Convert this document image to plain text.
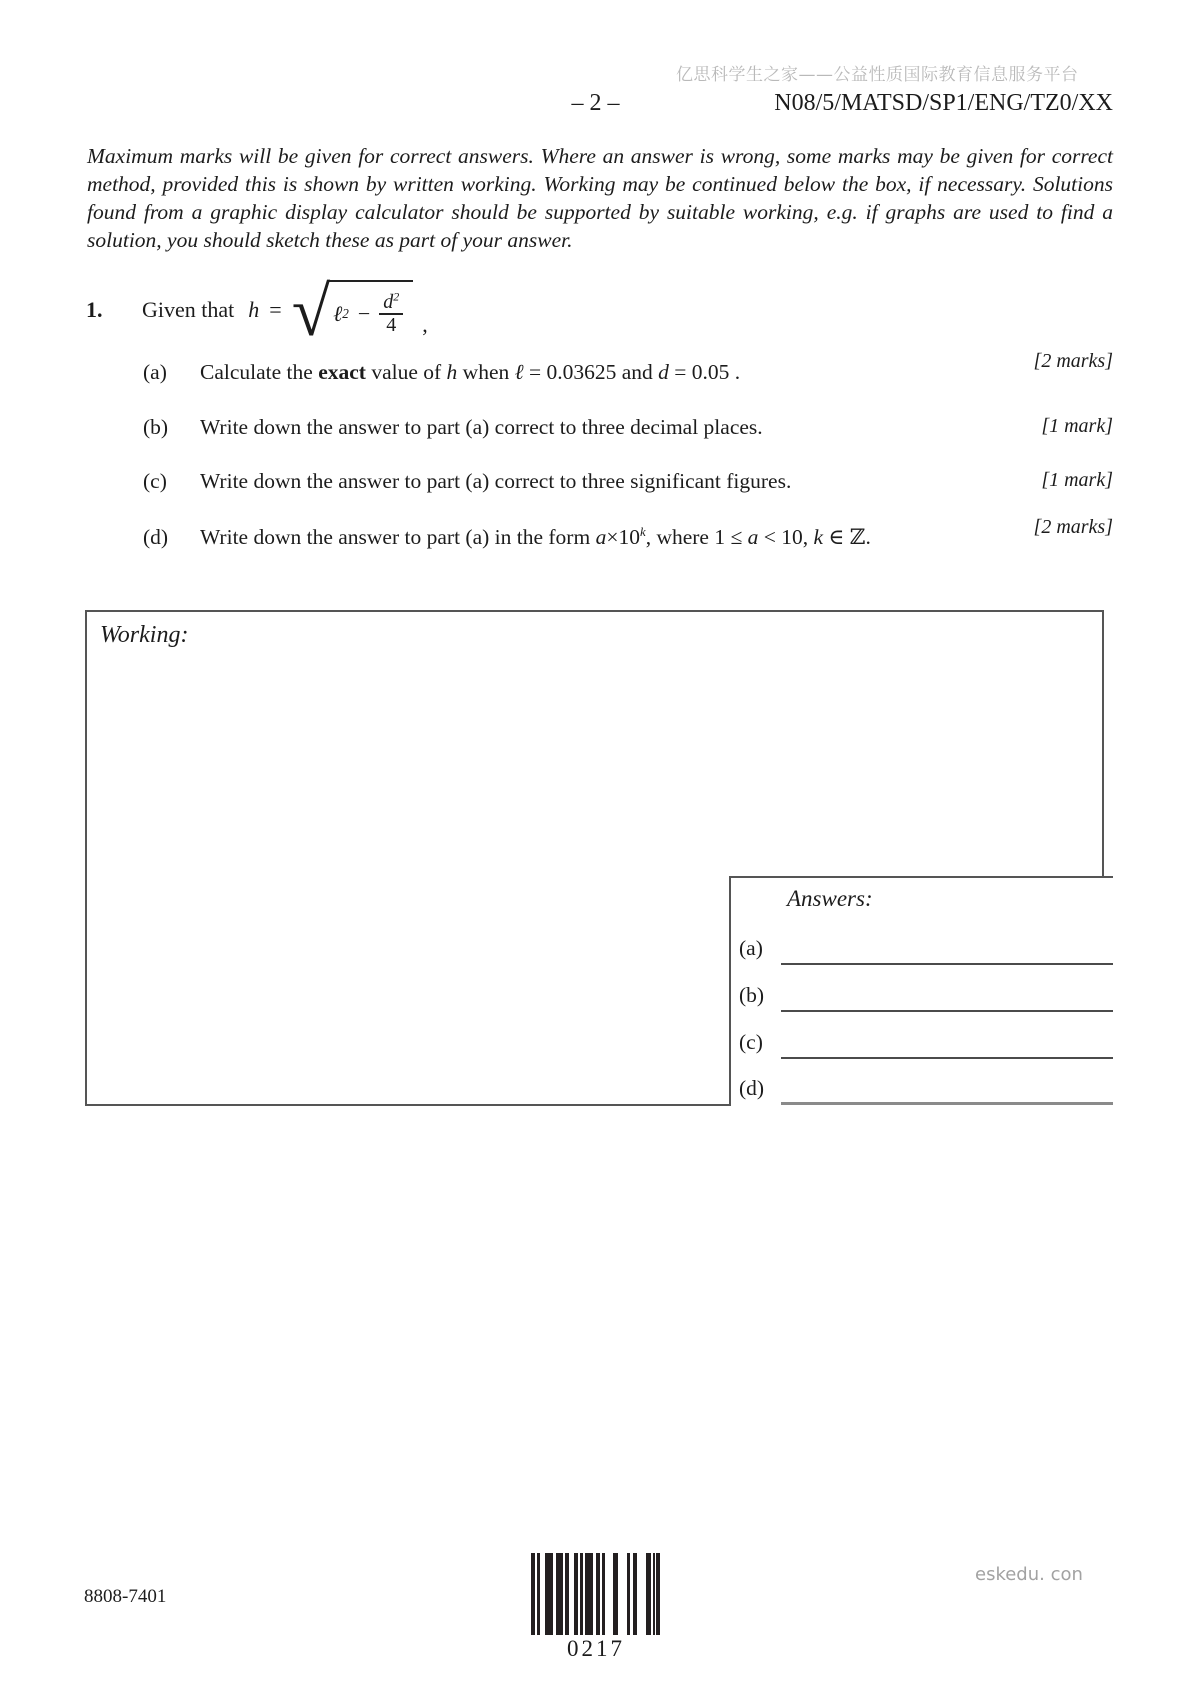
亿思科学生之家——公益性质国际教育信息服务平台
– 2 –	N08/5/MATSD/SP1/ENG/TZ0/XX
Maximum marks will be given for correct answers. Where an answer is wrong, some marks may be given for correct method, provided this is shown by written working. Working may be continued below the box, if necessary. Solutions found from a graphic display calculator should be supported by suitable working, e.g. if graphs are used to find a solution, you should sketch these as part of your answer.
1.	Given that h = √ ℓ $2 - \frac{d^2}{4}$ ,
(a) Calculate the exact value of h when ℓ = 0.03625 and d = 0.05 .	[2 marks]
(b) Write down the answer to part (a) correct to three decimal places.	[1 mark]
(c) Write down the answer to part (a) correct to three significant figures.	[1 mark]
(d) Write down the answer to part (a) in the form $a\times 10^k$, where 1 ≤ a < 10, k ∈ ℤ.	[2 marks]
Working:
Answers:
(a)
(b)
(c)
(d)
8808-7401
0217
eskedu. con
